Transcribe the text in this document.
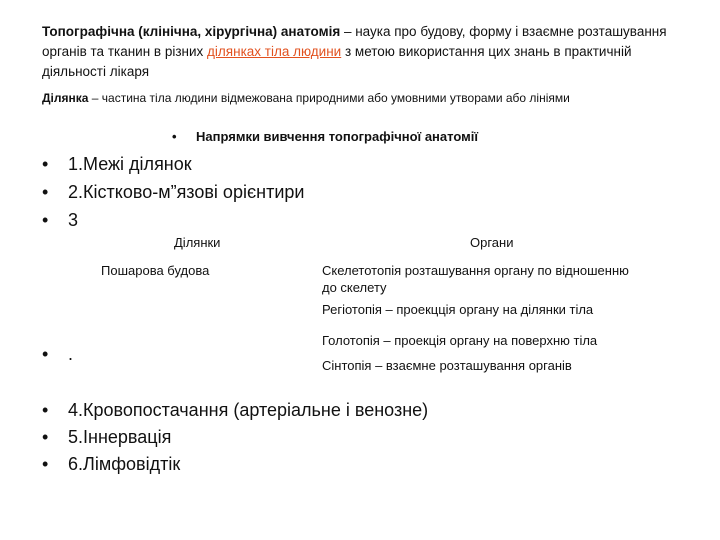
Топографічна (клінічна, хірургічна) анатомія – наука про будову, форму і взаємне розташування органів та тканин в різних ділянках тіла людини з метою використання цих знань в практичній діяльності лікаря
Ділянка – частина тіла людини відмежована природними або умовними утворами або лініями
• Напрямки вивчення топографічної анатомії
• 1.Межі ділянок
• 2.Кістково-м”язові орієнтири
• 3
Ділянки	Органи
Пошарова будова	Скелетотопія розташування органу по відношенню до скелету
Регіотопія – проекцція органу на ділянки тіла
Голотопія – проекція органу на поверхню тіла
Сінтопія – взаємне розташування органів
• .
• 4.Кровопостачання (артеріальне і венозне)
• 5.Іннервація
• 6.Лімфовідтік
